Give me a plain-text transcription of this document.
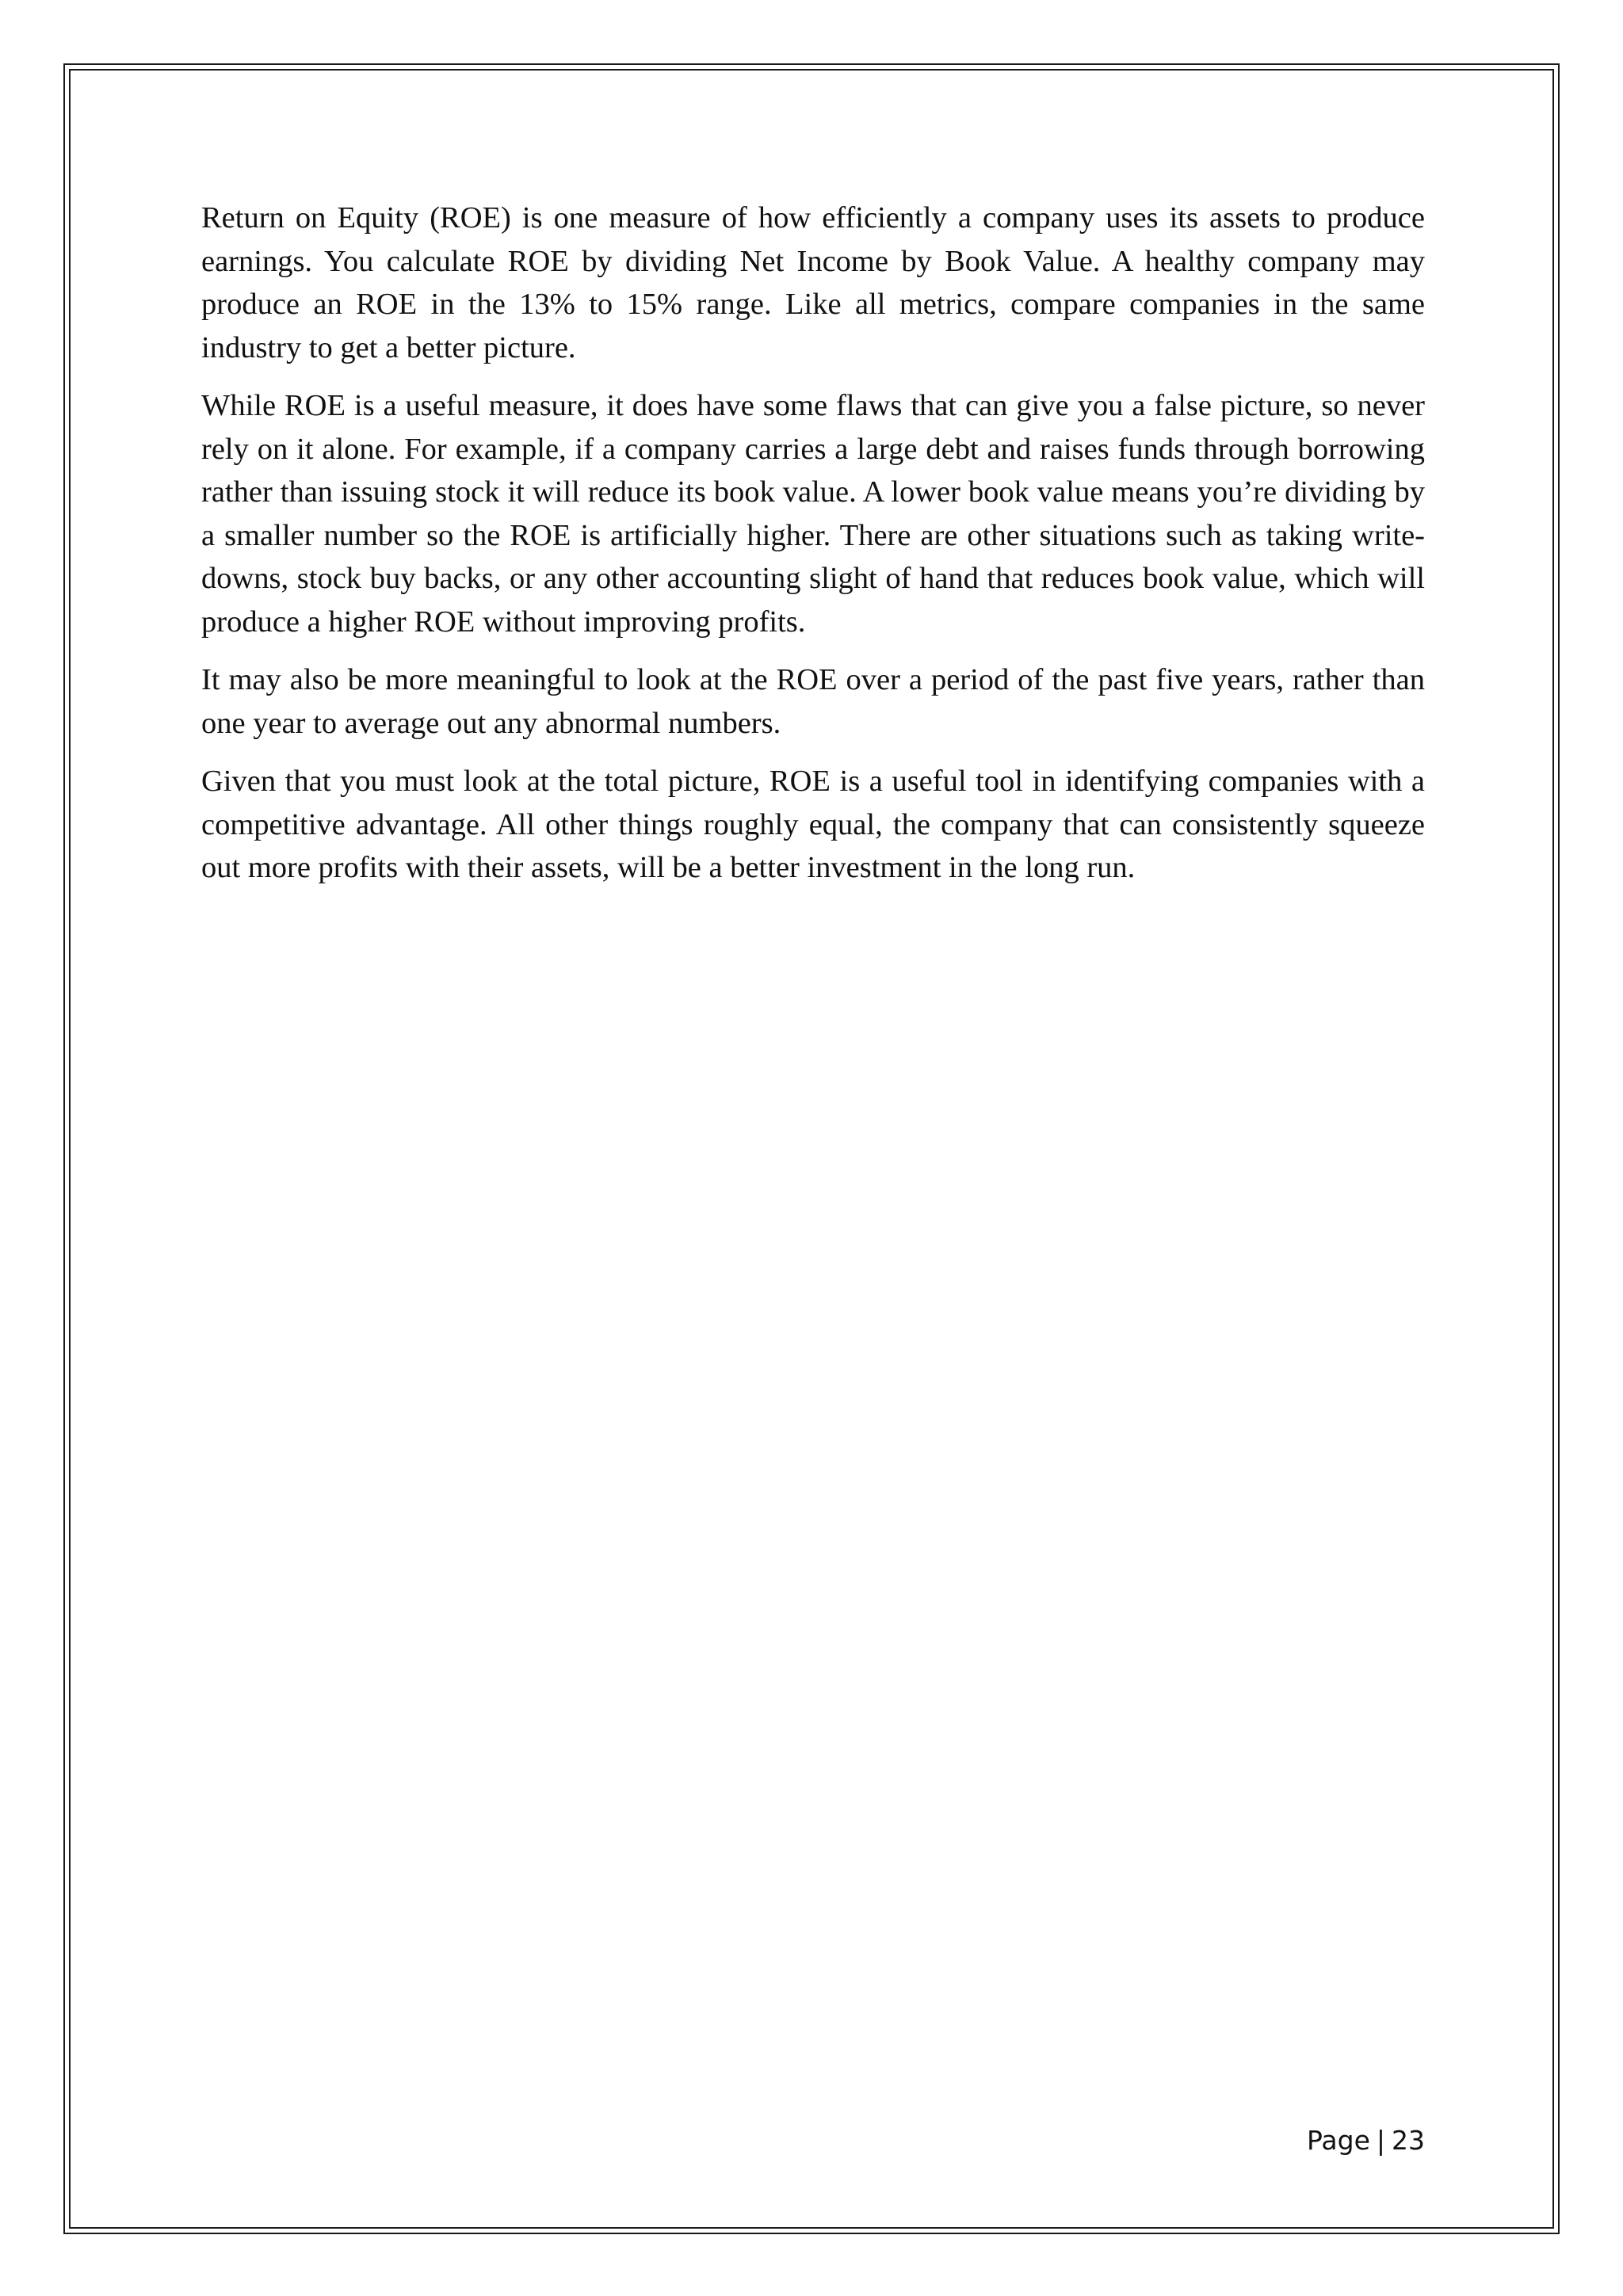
Return on Equity (ROE) is one measure of how efficiently a company uses its assets to produce earnings. You calculate ROE by dividing Net Income by Book Value. A healthy company may produce an ROE in the 13% to 15% range. Like all metrics, compare companies in the same industry to get a better picture.

While ROE is a useful measure, it does have some flaws that can give you a false picture, so never rely on it alone. For example, if a company carries a large debt and raises funds through borrowing rather than issuing stock it will reduce its book value. A lower book value means you’re dividing by a smaller number so the ROE is artificially higher. There are other situations such as taking write-downs, stock buy backs, or any other accounting slight of hand that reduces book value, which will produce a higher ROE without improving profits.

It may also be more meaningful to look at the ROE over a period of the past five years, rather than one year to average out any abnormal numbers.

Given that you must look at the total picture, ROE is a useful tool in identifying companies with a competitive advantage. All other things roughly equal, the company that can consistently squeeze out more profits with their assets, will be a better investment in the long run.

Page | 23
